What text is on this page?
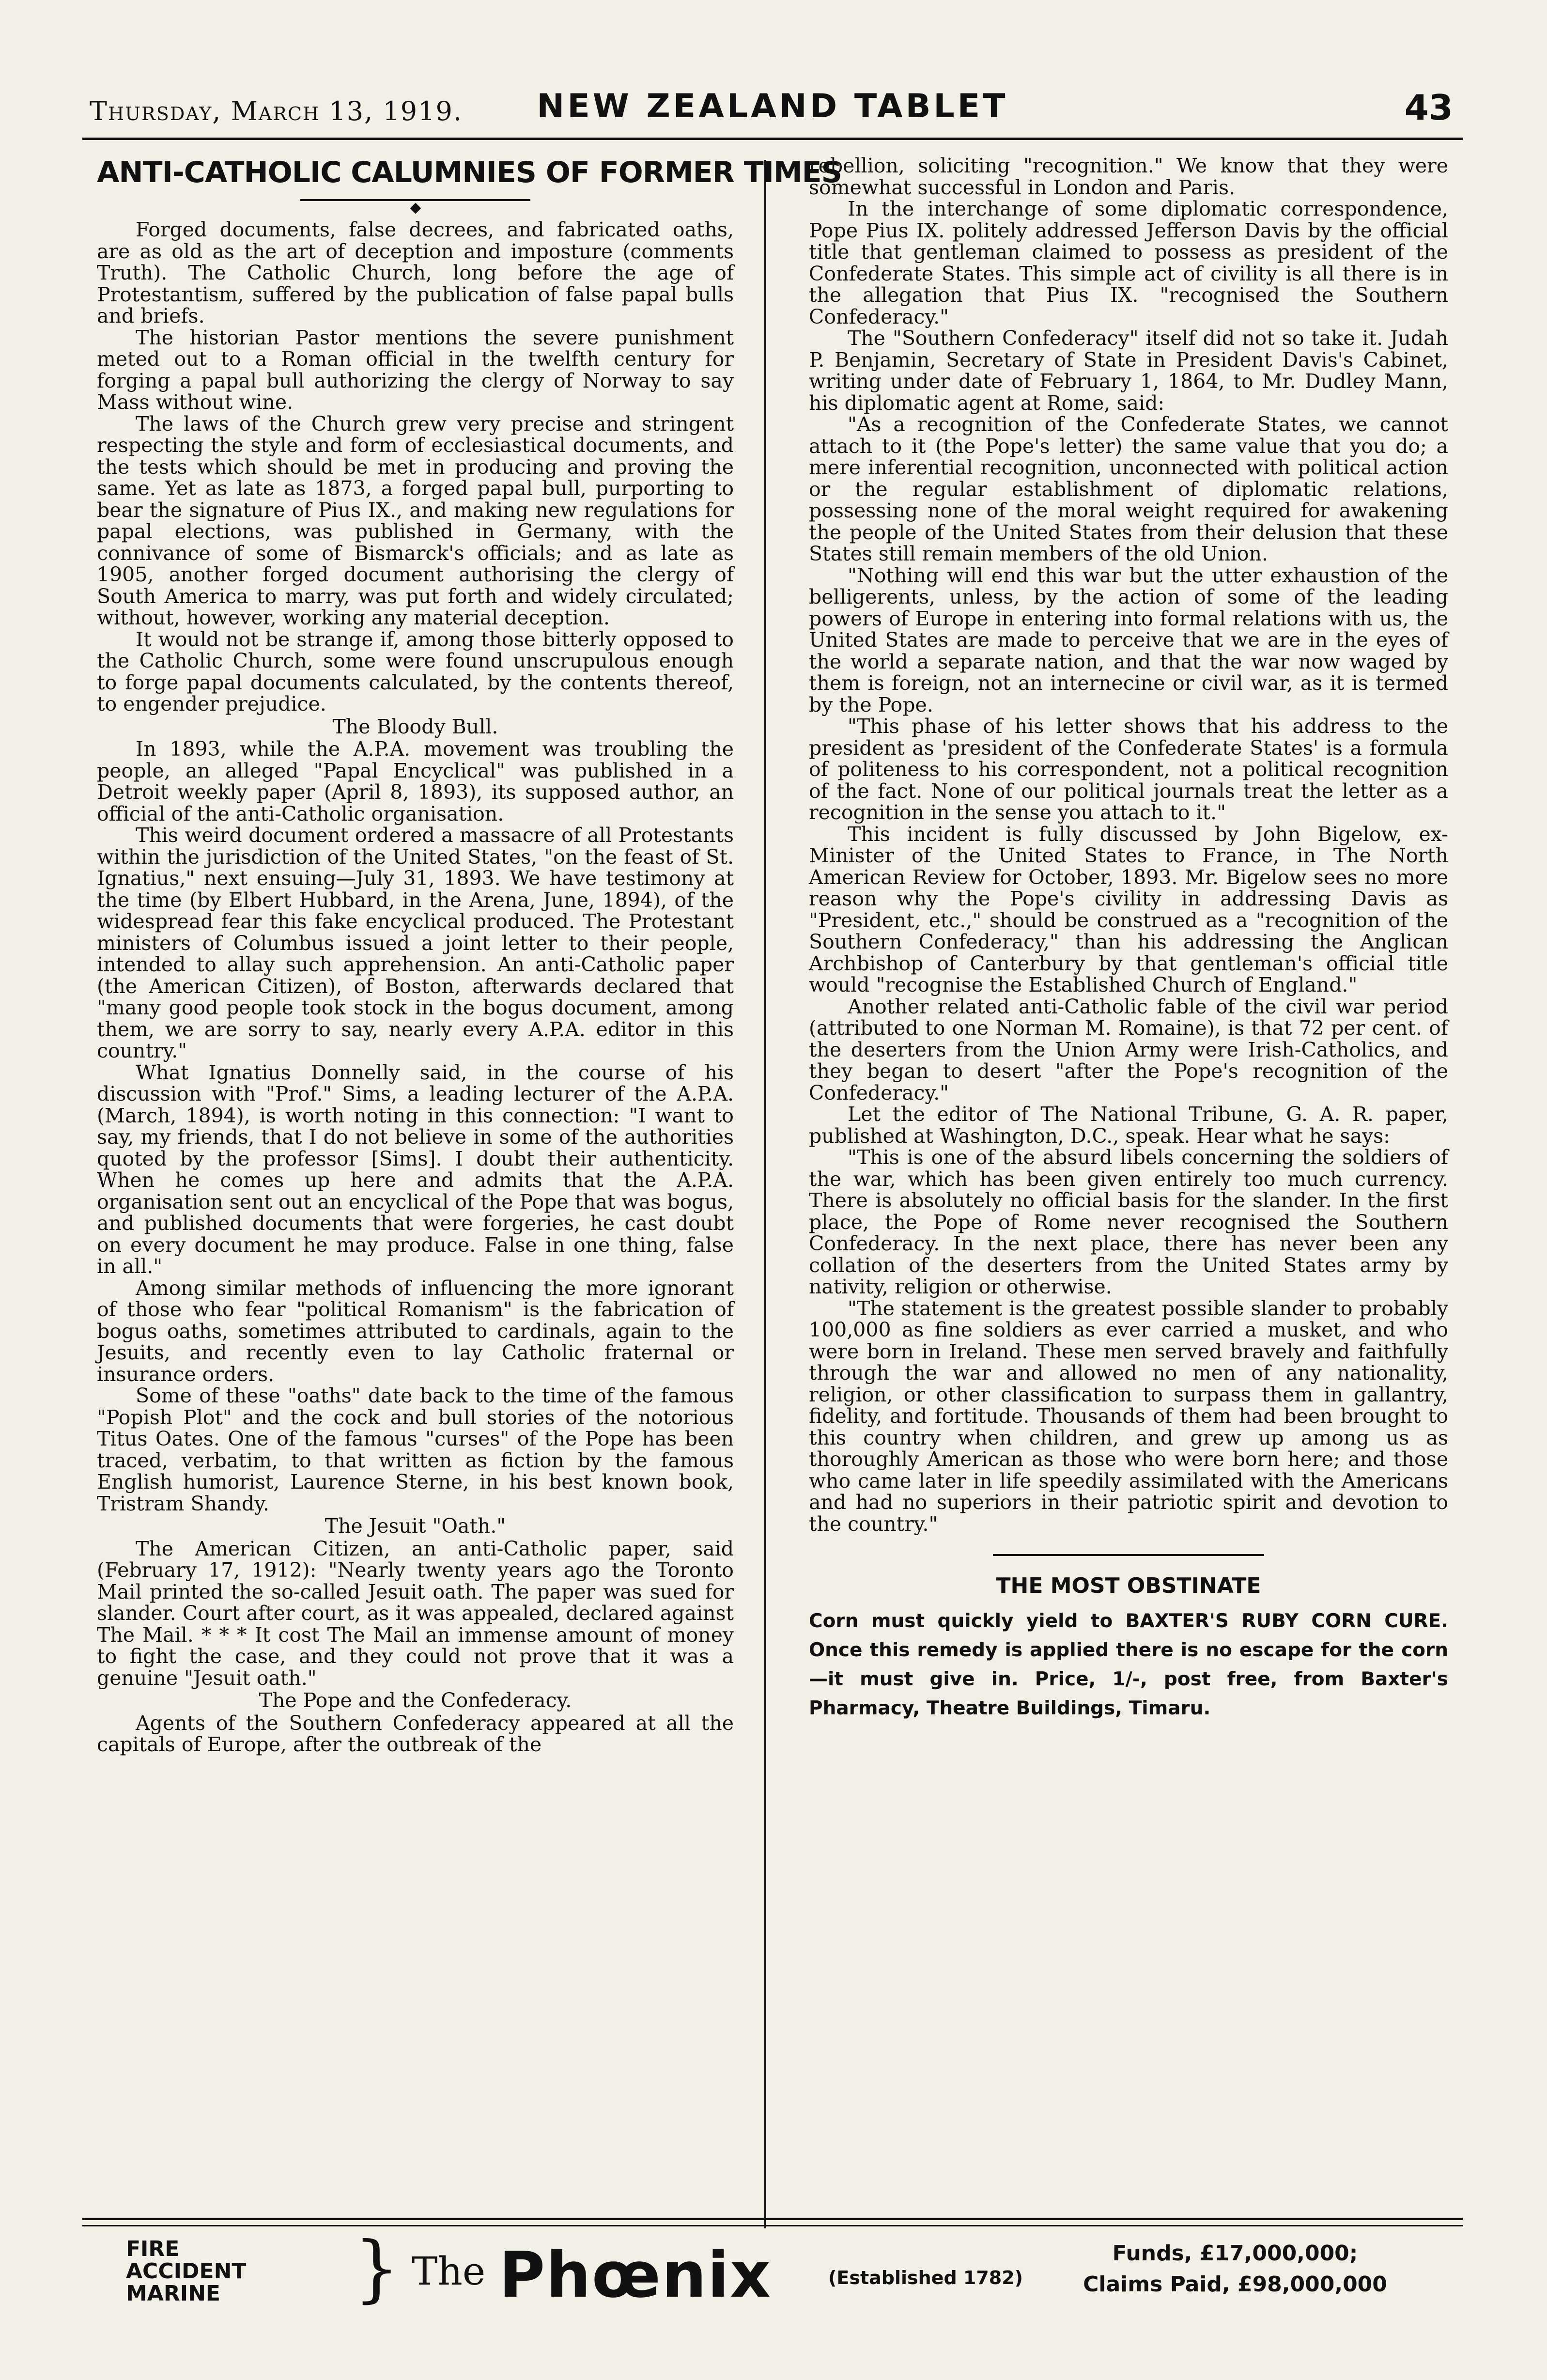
Thursday, March 13, 1919.	NEW ZEALAND TABLET	43
ANTI-CATHOLIC CALUMNIES OF FORMER TIMES

Forged documents, false decrees, and fabricated oaths, are as old as the art of deception and imposture (comments Truth). The Catholic Church, long before the age of Protestantism, suffered by the publication of false papal bulls and briefs.

The historian Pastor mentions the severe punishment meted out to a Roman official in the twelfth century for forging a papal bull authorizing the clergy of Norway to say Mass without wine.

The laws of the Church grew very precise and stringent respecting the style and form of ecclesiastical documents, and the tests which should be met in producing and proving the same. Yet as late as 1873, a forged papal bull, purporting to bear the signature of Pius IX., and making new regulations for papal elections, was published in Germany, with the connivance of some of Bismarck's officials; and as late as 1905, another forged document authorising the clergy of South America to marry, was put forth and widely circulated; without, however, working any material deception.

It would not be strange if, among those bitterly opposed to the Catholic Church, some were found unscrupulous enough to forge papal documents calculated, by the contents thereof, to engender prejudice.

The Bloody Bull.

In 1893, while the A.P.A. movement was troubling the people, an alleged "Papal Encyclical" was published in a Detroit weekly paper (April 8, 1893), its supposed author, an official of the anti-Catholic organisation.

This weird document ordered a massacre of all Protestants within the jurisdiction of the United States, "on the feast of St. Ignatius," next ensuing—July 31, 1893. We have testimony at the time (by Elbert Hubbard, in the Arena, June, 1894), of the widespread fear this fake encyclical produced. The Protestant ministers of Columbus issued a joint letter to their people, intended to allay such apprehension. An anti-Catholic paper (the American Citizen), of Boston, afterwards declared that "many good people took stock in the bogus document, among them, we are sorry to say, nearly every A.P.A. editor in this country."

What Ignatius Donnelly said, in the course of his discussion with "Prof." Sims, a leading lecturer of the A.P.A. (March, 1894), is worth noting in this connection: "I want to say, my friends, that I do not believe in some of the authorities quoted by the professor [Sims]. I doubt their authenticity. When he comes up here and admits that the A.P.A. organisation sent out an encyclical of the Pope that was bogus, and published documents that were forgeries, he cast doubt on every document he may produce. False in one thing, false in all."

Among similar methods of influencing the more ignorant of those who fear "political Romanism" is the fabrication of bogus oaths, sometimes attributed to cardinals, again to the Jesuits, and recently even to lay Catholic fraternal or insurance orders.

Some of these "oaths" date back to the time of the famous "Popish Plot" and the cock and bull stories of the notorious Titus Oates. One of the famous "curses" of the Pope has been traced, verbatim, to that written as fiction by the famous English humorist, Laurence Sterne, in his best known book, Tristram Shandy.

The Jesuit "Oath."

The American Citizen, an anti-Catholic paper, said (February 17, 1912): "Nearly twenty years ago the Toronto Mail printed the so-called Jesuit oath. The paper was sued for slander. Court after court, as it was appealed, declared against The Mail. * * * It cost The Mail an immense amount of money to fight the case, and they could not prove that it was a genuine "Jesuit oath."

The Pope and the Confederacy.

Agents of the Southern Confederacy appeared at all the capitals of Europe, after the outbreak of the

rebellion, soliciting "recognition." We know that they were somewhat successful in London and Paris.

In the interchange of some diplomatic correspondence, Pope Pius IX. politely addressed Jefferson Davis by the official title that gentleman claimed to possess as president of the Confederate States. This simple act of civility is all there is in the allegation that Pius IX. "recognised the Southern Confederacy."

The "Southern Confederacy" itself did not so take it. Judah P. Benjamin, Secretary of State in President Davis's Cabinet, writing under date of February 1, 1864, to Mr. Dudley Mann, his diplomatic agent at Rome, said:

"As a recognition of the Confederate States, we cannot attach to it (the Pope's letter) the same value that you do; a mere inferential recognition, unconnected with political action or the regular establishment of diplomatic relations, possessing none of the moral weight required for awakening the people of the United States from their delusion that these States still remain members of the old Union.

"Nothing will end this war but the utter exhaustion of the belligerents, unless, by the action of some of the leading powers of Europe in entering into formal relations with us, the United States are made to perceive that we are in the eyes of the world a separate nation, and that the war now waged by them is foreign, not an internecine or civil war, as it is termed by the Pope.

"This phase of his letter shows that his address to the president as 'president of the Confederate States' is a formula of politeness to his correspondent, not a political recognition of the fact. None of our political journals treat the letter as a recognition in the sense you attach to it."

This incident is fully discussed by John Bigelow, ex-Minister of the United States to France, in The North American Review for October, 1893. Mr. Bigelow sees no more reason why the Pope's civility in addressing Davis as "President, etc.," should be construed as a "recognition of the Southern Confederacy," than his addressing the Anglican Archbishop of Canterbury by that gentleman's official title would "recognise the Established Church of England."

Another related anti-Catholic fable of the civil war period (attributed to one Norman M. Romaine), is that 72 per cent. of the deserters from the Union Army were Irish-Catholics, and they began to desert "after the Pope's recognition of the Confederacy."

Let the editor of The National Tribune, G. A. R. paper, published at Washington, D.C., speak. Hear what he says:

"This is one of the absurd libels concerning the soldiers of the war, which has been given entirely too much currency. There is absolutely no official basis for the slander. In the first place, the Pope of Rome never recognised the Southern Confederacy. In the next place, there has never been any collation of the deserters from the United States army by nativity, religion or otherwise.

"The statement is the greatest possible slander to probably 100,000 as fine soldiers as ever carried a musket, and who were born in Ireland. These men served bravely and faithfully through the war and allowed no men of any nationality, religion, or other classification to surpass them in gallantry, fidelity, and fortitude. Thousands of them had been brought to this country when children, and grew up among us as thoroughly American as those who were born here; and those who came later in life speedily assimilated with the Americans and had no superiors in their patriotic spirit and devotion to the country."

THE MOST OBSTINATE
Corn must quickly yield to BAXTER'S RUBY CORN CURE. Once this remedy is applied there is no escape for the corn—it must give in. Price, 1/-, post free, from Baxter's Pharmacy, Theatre Buildings, Timaru.
FIRE
ACCIDENT
MARINE	} The Phœnix	(Established 1782)
Funds, £17,000,000;
Claims Paid, £98,000,000
